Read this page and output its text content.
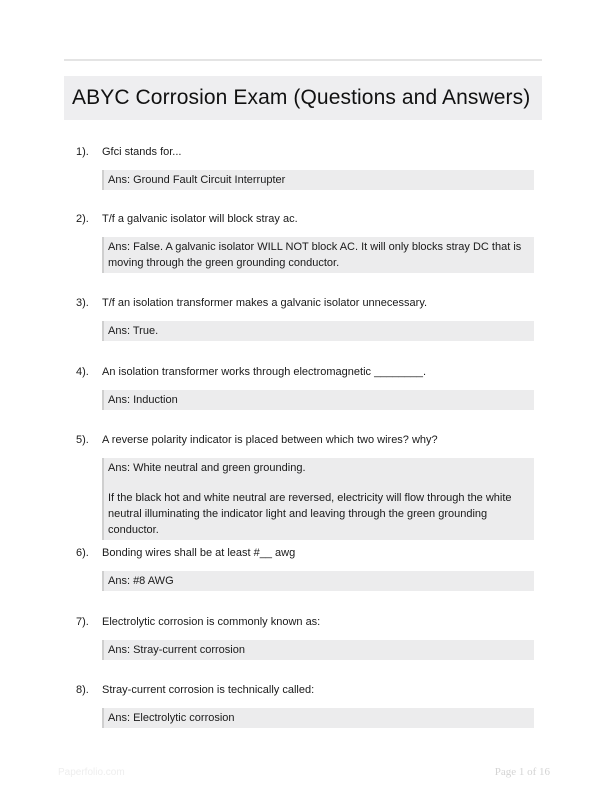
ABYC Corrosion Exam (Questions and Answers)
1). Gfci stands for...

Ans: Ground Fault Circuit Interrupter

2). T/f a galvanic isolator will block stray ac.

Ans: False. A galvanic isolator WILL NOT block AC. It will only blocks stray DC that is moving through the green grounding conductor.

3). T/f an isolation transformer makes a galvanic isolator unnecessary.

Ans: True.

4). An isolation transformer works through electromagnetic ________.

Ans: Induction

5). A reverse polarity indicator is placed between which two wires? why?

Ans: White neutral and green grounding.

If the black hot and white neutral are reversed, electricity will flow through the white neutral illuminating the indicator light and leaving through the green grounding conductor.

6). Bonding wires shall be at least #__ awg

Ans: #8 AWG

7). Electrolytic corrosion is commonly known as:

Ans: Stray-current corrosion

8). Stray-current corrosion is technically called:

Ans: Electrolytic corrosion

Paperfolio.com	Page 1 of 16
